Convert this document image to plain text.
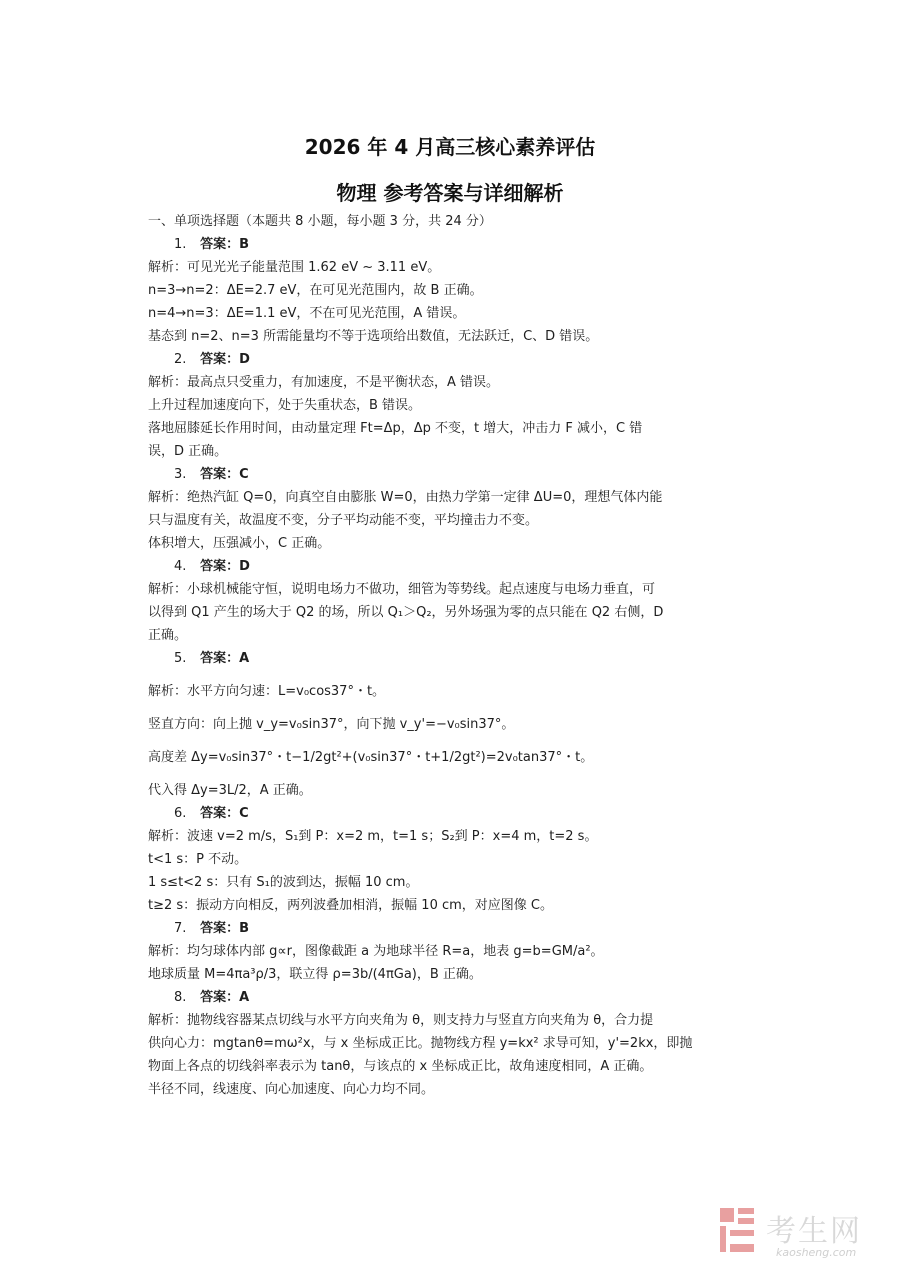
2026 年 4 月高三核心素养评估
物理 参考答案与详细解析
一、单项选择题（本题共 8 小题，每小题 3 分，共 24 分）
1. 答案：B
解析：可见光光子能量范围 1.62 eV ~ 3.11 eV。
n=3→n=2：ΔE=2.7 eV，在可见光范围内，故 B 正确。
n=4→n=3：ΔE=1.1 eV，不在可见光范围，A 错误。
基态到 n=2、n=3 所需能量均不等于选项给出数值，无法跃迁，C、D 错误。
2. 答案：D
解析：最高点只受重力，有加速度，不是平衡状态，A 错误。
上升过程加速度向下，处于失重状态，B 错误。
落地屈膝延长作用时间，由动量定理 Ft=Δp，Δp 不变，t 增大，冲击力 F 减小，C 错
误，D 正确。
3. 答案：C
解析：绝热汽缸 Q=0，向真空自由膨胀 W=0，由热力学第一定律 ΔU=0，理想气体内能
只与温度有关，故温度不变，分子平均动能不变，平均撞击力不变。
体积增大，压强减小，C 正确。
4. 答案：D
解析：小球机械能守恒，说明电场力不做功，细管为等势线。起点速度与电场力垂直，可
以得到 Q1 产生的场大于 Q2 的场，所以 Q₁＞Q₂，另外场强为零的点只能在 Q2 右侧，D
正确。
5. 答案：A
解析：水平方向匀速：L=v₀cos37°・t。
竖直方向：向上抛 v_y=v₀sin37°，向下抛 v_y'=−v₀sin37°。
高度差 Δy=v₀sin37°・t−1/2gt²+(v₀sin37°・t+1/2gt²)=2v₀tan37°・t。
代入得 Δy=3L/2，A 正确。
6. 答案：C
解析：波速 v=2 m/s，S₁到 P：x=2 m，t=1 s；S₂到 P：x=4 m，t=2 s。
t<1 s：P 不动。
1 s≤t<2 s：只有 S₁的波到达，振幅 10 cm。
t≥2 s：振动方向相反，两列波叠加相消，振幅 10 cm，对应图像 C。
7. 答案：B
解析：均匀球体内部 g∝r，图像截距 a 为地球半径 R=a，地表 g=b=GM/a²。
地球质量 M=4πa³ρ/3，联立得 ρ=3b/(4πGa)，B 正确。
8. 答案：A
解析：抛物线容器某点切线与水平方向夹角为 θ，则支持力与竖直方向夹角为 θ，合力提
供向心力：mgtanθ=mω²x，与 x 坐标成正比。抛物线方程 y=kx² 求导可知，y'=2kx，即抛
物面上各点的切线斜率表示为 tanθ，与该点的 x 坐标成正比，故角速度相同，A 正确。
半径不同，线速度、向心加速度、向心力均不同。
考生网
kaosheng.com
